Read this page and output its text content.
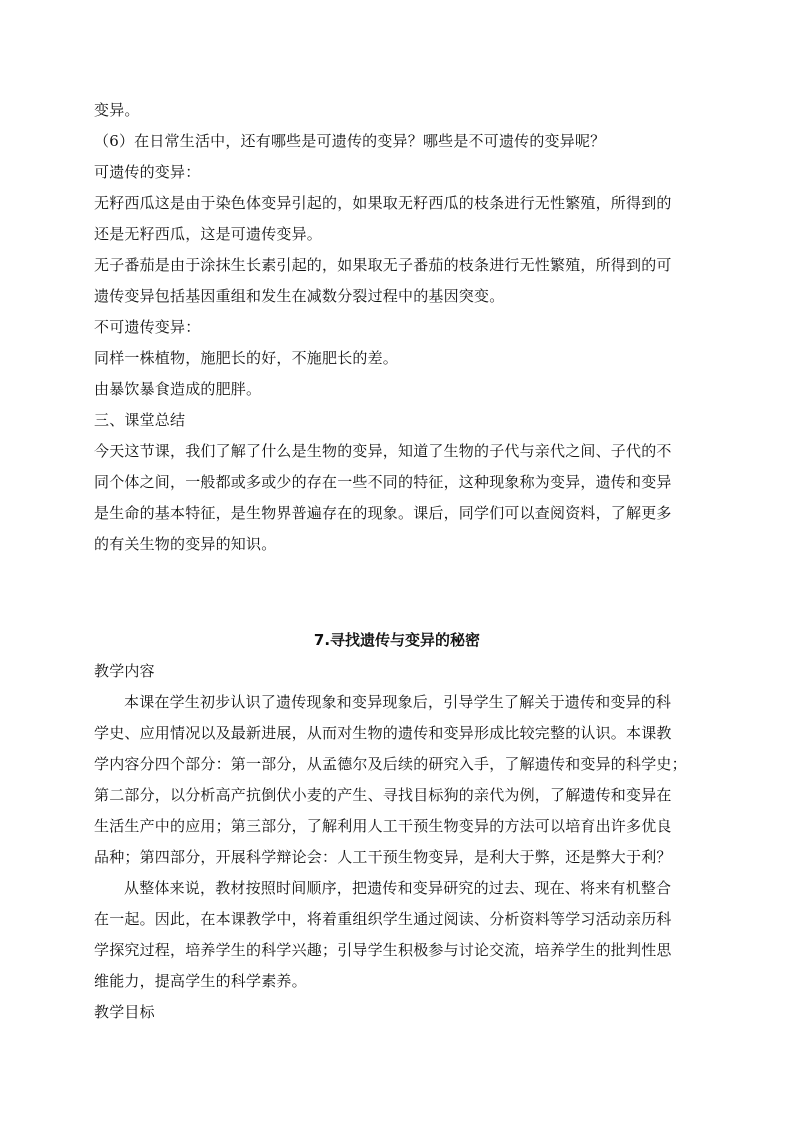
变异。
（6）在日常生活中，还有哪些是可遗传的变异？哪些是不可遗传的变异呢？
可遗传的变异：
无籽西瓜这是由于染色体变异引起的，如果取无籽西瓜的枝条进行无性繁殖，所得到的
还是无籽西瓜，这是可遗传变异。
无子番茄是由于涂抹生长素引起的，如果取无子番茄的枝条进行无性繁殖，所得到的可
遗传变异包括基因重组和发生在减数分裂过程中的基因突变。
不可遗传变异：
同样一株植物，施肥长的好，不施肥长的差。
由暴饮暴食造成的肥胖。
三、课堂总结
今天这节课，我们了解了什么是生物的变异，知道了生物的子代与亲代之间、子代的不
同个体之间，一般都或多或少的存在一些不同的特征，这种现象称为变异，遗传和变异
是生命的基本特征，是生物界普遍存在的现象。课后，同学们可以查阅资料，了解更多
的有关生物的变异的知识。
7.寻找遗传与变异的秘密
教学内容
本课在学生初步认识了遗传现象和变异现象后，引导学生了解关于遗传和变异的科
学史、应用情况以及最新进展，从而对生物的遗传和变异形成比较完整的认识。本课教
学内容分四个部分：第一部分，从孟德尔及后续的研究入手，了解遗传和变异的科学史；
第二部分，以分析高产抗倒伏小麦的产生、寻找目标狗的亲代为例，了解遗传和变异在
生活生产中的应用；第三部分，了解利用人工干预生物变异的方法可以培育出许多优良
品种；第四部分，开展科学辩论会：人工干预生物变异，是利大于弊，还是弊大于利？
从整体来说，教材按照时间顺序，把遗传和变异研究的过去、现在、将来有机整合
在一起。因此，在本课教学中，将着重组织学生通过阅读、分析资料等学习活动亲历科
学探究过程，培养学生的科学兴趣；引导学生积极参与讨论交流，培养学生的批判性思
维能力，提高学生的科学素养。
教学目标
